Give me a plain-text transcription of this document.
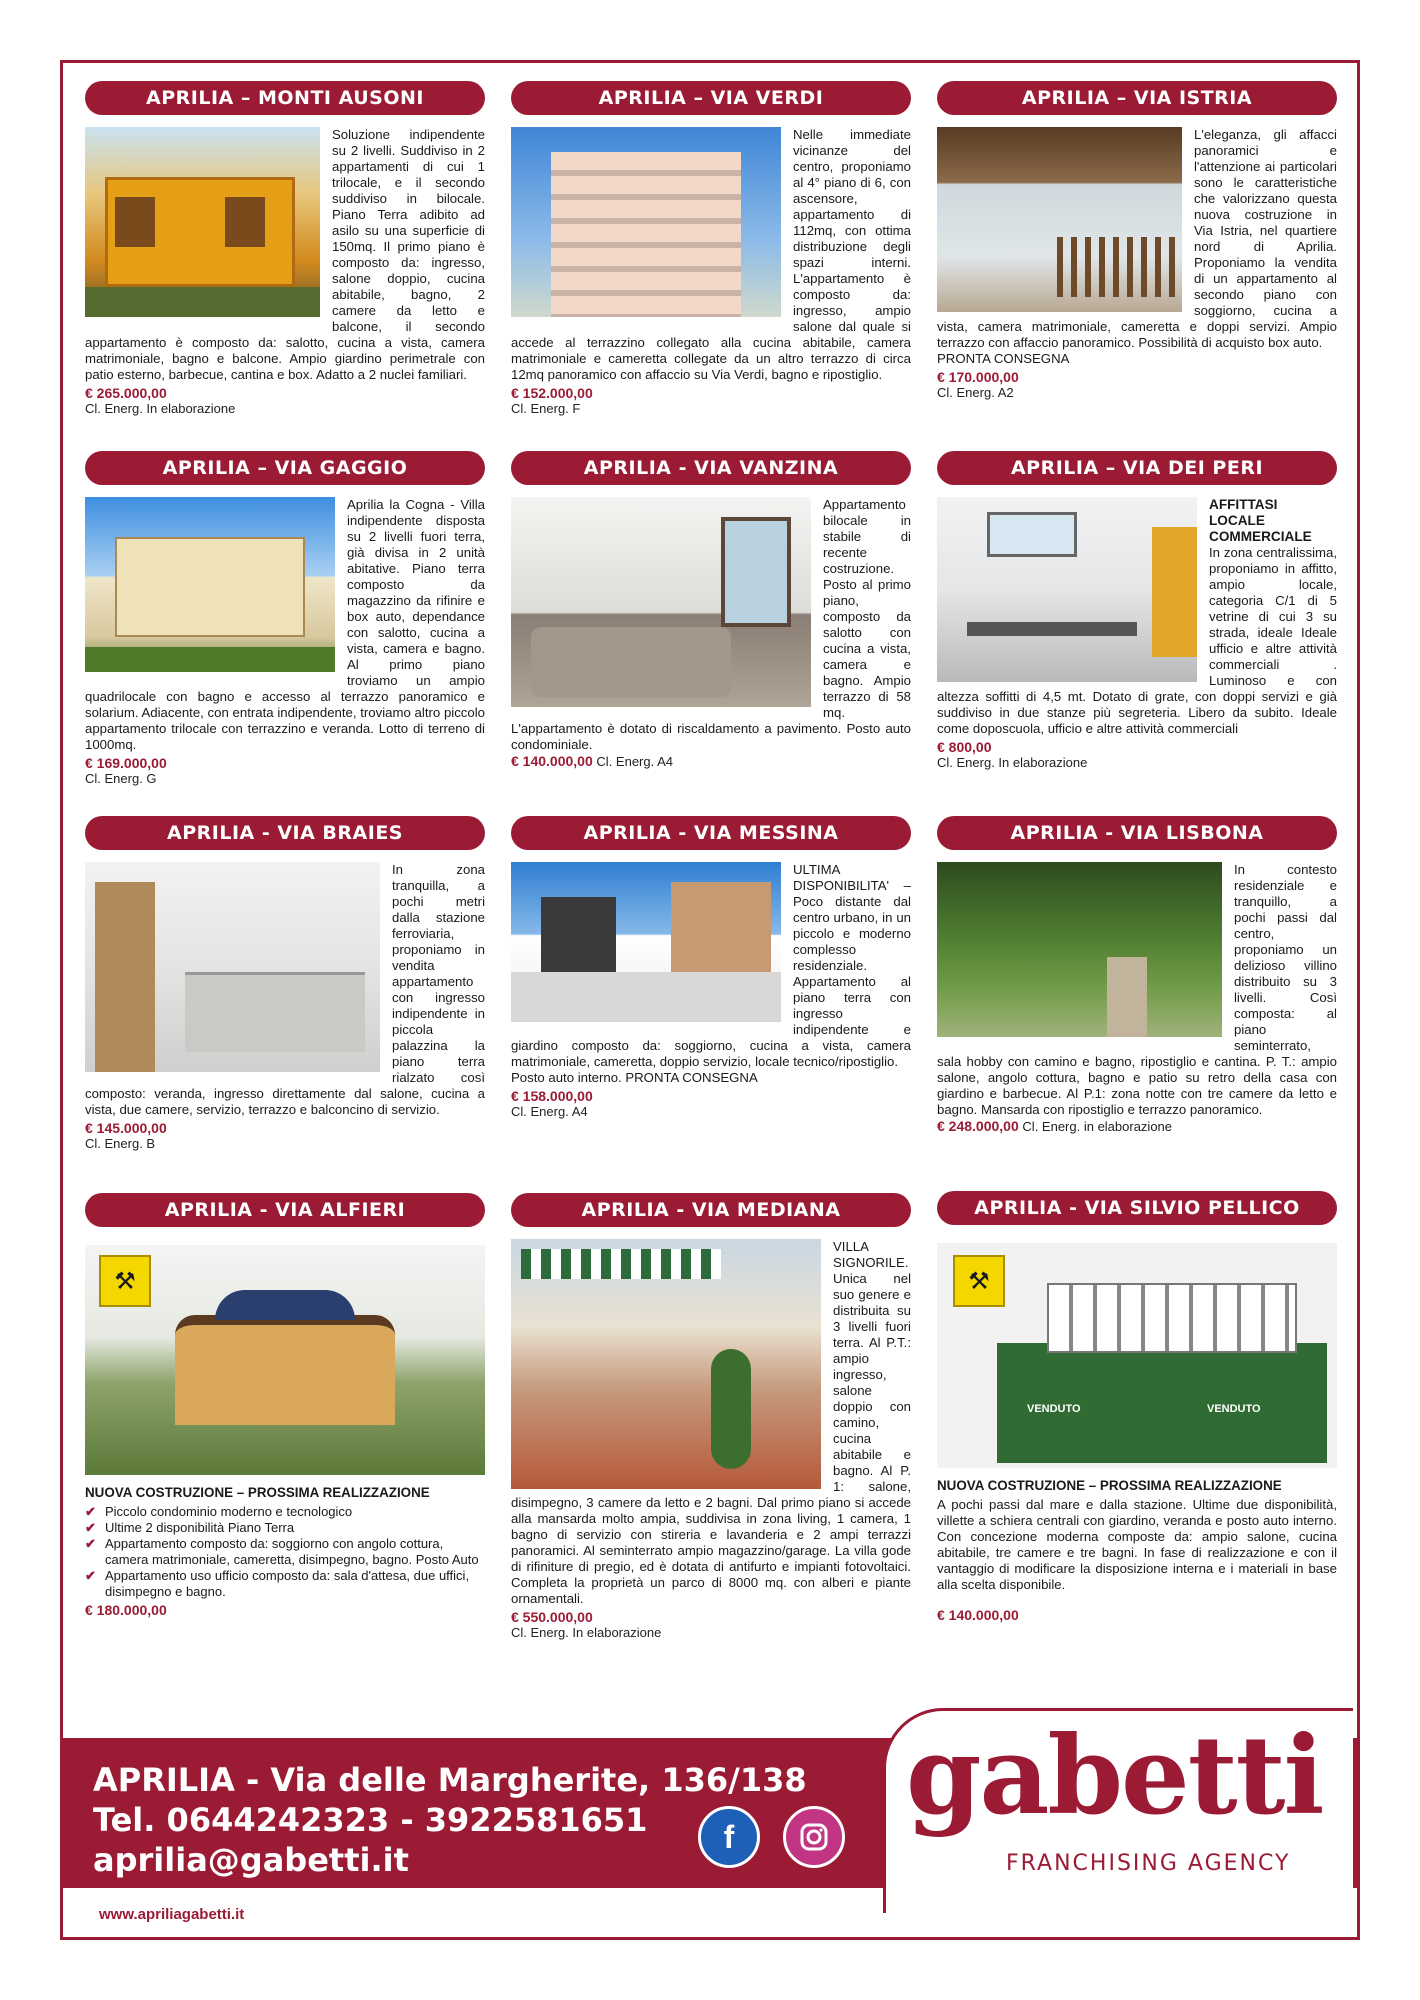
APRILIA – MONTI AUSONI
Soluzione indipendente su 2 livelli. Suddiviso in 2 appartamenti di cui 1 trilocale, e il secondo suddiviso in bilocale. Piano Terra adibito ad asilo su una superficie di 150mq. Il primo piano è composto da: ingresso, salone doppio, cucina abitabile, bagno, 2 camere da letto e balcone, il secondo appartamento è composto da: salotto, cucina a vista, camera matrimoniale, bagno e balcone. Ampio giardino perimetrale con patio esterno, barbecue, cantina e box. Adatto a 2 nuclei familiari.
€ 265.000,00
Cl. Energ. In elaborazione
APRILIA – VIA VERDI
Nelle immediate vicinanze del centro, proponiamo al 4° piano di 6, con ascensore, appartamento di 112mq, con ottima distribuzione degli spazi interni. L'appartamento è composto da: ingresso, ampio salone dal quale si accede al terrazzino collegato alla cucina abitabile, camera matrimoniale e cameretta collegate da un altro terrazzo di circa 12mq panoramico con affaccio su Via Verdi, bagno e ripostiglio.
€ 152.000,00
Cl. Energ. F
APRILIA – VIA ISTRIA
L'eleganza, gli affacci panoramici e l'attenzione ai particolari sono le caratteristiche che valorizzano questa nuova costruzione in Via Istria, nel quartiere nord di Aprilia. Proponiamo la vendita di un appartamento al secondo piano con soggiorno, cucina a vista, camera matrimoniale, cameretta e doppi servizi. Ampio terrazzo con affaccio panoramico. Possibilità di acquisto box auto.
PRONTA CONSEGNA
€ 170.000,00
Cl. Energ. A2
APRILIA – VIA GAGGIO
Aprilia la Cogna - Villa indipendente disposta su 2 livelli fuori terra, già divisa in 2 unità abitative. Piano terra composto da magazzino da rifinire e box auto, dependance con salotto, cucina a vista, camera e bagno. Al primo piano troviamo un ampio quadrilocale con bagno e accesso al terrazzo panoramico e solarium. Adiacente, con entrata indipendente, troviamo altro piccolo appartamento trilocale con terrazzino e veranda. Lotto di terreno di 1000mq.
€ 169.000,00
Cl. Energ. G
APRILIA - VIA VANZINA
Appartamento bilocale in stabile di recente costruzione. Posto al primo piano, composto da salotto con cucina a vista, camera e bagno. Ampio terrazzo di 58 mq. L'appartamento è dotato di riscaldamento a pavimento. Posto auto condominiale.
€ 140.000,00 Cl. Energ. A4
APRILIA – VIA DEI PERI
AFFITTASI LOCALE COMMERCIALE
In zona centralissima, proponiamo in affitto, ampio locale, categoria C/1 di 5 vetrine di cui 3 su strada, ideale Ideale ufficio e altre attività commerciali . Luminoso e con altezza soffitti di 4,5 mt. Dotato di grate, con doppi servizi e già suddiviso in due stanze più segreteria. Libero da subito. Ideale come doposcuola, ufficio e altre attività commerciali
€ 800,00
Cl. Energ. In elaborazione
APRILIA - VIA BRAIES
In zona tranquilla, a pochi metri dalla stazione ferroviaria, proponiamo in vendita appartamento con ingresso indipendente in piccola palazzina la piano terra rialzato così composto: veranda, ingresso direttamente dal salone, cucina a vista, due camere, servizio, terrazzo e balconcino di servizio.
€ 145.000,00
Cl. Energ. B
APRILIA - VIA MESSINA
ULTIMA DISPONIBILITA' – Poco distante dal centro urbano, in un piccolo e moderno complesso residenziale. Appartamento al piano terra con ingresso indipendente e giardino composto da: soggiorno, cucina a vista, camera matrimoniale, cameretta, doppio servizio, locale tecnico/ripostiglio.
Posto auto interno. PRONTA CONSEGNA
€ 158.000,00
Cl. Energ. A4
APRILIA - VIA LISBONA
In contesto residenziale e tranquillo, a pochi passi dal centro, proponiamo un delizioso villino distribuito su 3 livelli. Così composta: al piano seminterrato, sala hobby con camino e bagno, ripostiglio e cantina. P. T.: ampio salone, angolo cottura, bagno e patio su retro della casa con giardino e barbecue. Al P.1: zona notte con tre camere da letto e bagno. Mansarda con ripostiglio e terrazzo panoramico.
€ 248.000,00 Cl. Energ. in elaborazione
APRILIA - VIA ALFIERI
⚒
NUOVA COSTRUZIONE – PROSSIMA REALIZZAZIONE
✔ Piccolo condominio moderno e tecnologico
✔ Ultime 2 disponibilità Piano Terra
✔ Appartamento composto da: soggiorno con angolo cottura, camera matrimoniale, cameretta, disimpegno, bagno. Posto Auto
✔ Appartamento uso ufficio composto da: sala d'attesa, due uffici, disimpegno e bagno.
€ 180.000,00
APRILIA - VIA MEDIANA
VILLA SIGNORILE. Unica nel suo genere e distribuita su 3 livelli fuori terra. Al P.T.: ampio ingresso, salone doppio con camino, cucina abitabile e bagno. Al P. 1: salone, disimpegno, 3 camere da letto e 2 bagni. Dal primo piano si accede alla mansarda molto ampia, suddivisa in zona living, 1 camera, 1 bagno di servizio con stireria e lavanderia e 2 ampi terrazzi panoramici. Al seminterrato ampio magazzino/garage. La villa gode di rifiniture di pregio, ed è dotata di antifurto e impianti fotovoltaici. Completa la proprietà un parco di 8000 mq. con alberi e piante ornamentali.
€ 550.000,00
Cl. Energ. In elaborazione
APRILIA - VIA SILVIO PELLICO
VENDUTO	VENDUTO
⚒
NUOVA COSTRUZIONE – PROSSIMA REALIZZAZIONE
A pochi passi dal mare e dalla stazione. Ultime due disponibilità, villette a schiera centrali con giardino, veranda e posto auto interno. Con concezione moderna composte da: ampio salone, cucina abitabile, tre camere e tre bagni. In fase di realizzazione e con il vantaggio di modificare la disposizione interna e i materiali in base alla scelta disponibile.
€ 140.000,00
APRILIA - Via delle Margherite, 136/138
Tel. 0644242323 - 3922581651
aprilia@gabetti.it
f gabetti
FRANCHISING AGENCY
www.apriliagabetti.it
